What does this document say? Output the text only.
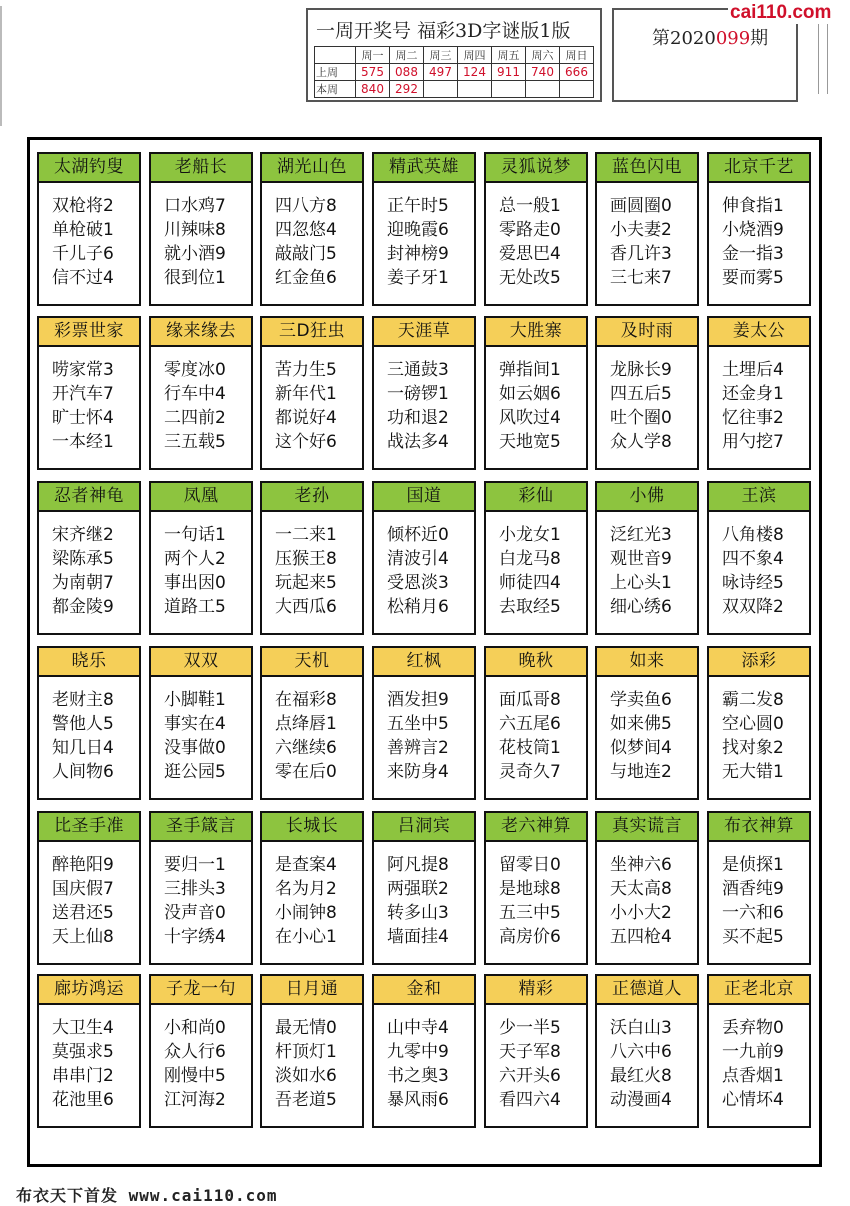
一周开奖号 福彩3D字谜版1版
	周一	周二	周三	周四	周五	周六	周日
上周	575	088	497	124	911	740	666
本周	840	292					
第2020099期
cai110.com
太湖钓叟
双枪将2
单枪破1
千儿子6
信不过4
老船长
口水鸡7
川辣味8
就小酒9
很到位1
湖光山色
四八方8
四忽悠4
敲敲门5
红金鱼6
精武英雄
正午时5
迎晚霞6
封神榜9
姜子牙1
灵狐说梦
总一般1
零路走0
爱思巴4
无处改5
蓝色闪电
画圆圈0
小夫妻2
香几许3
三七来7
北京千艺
伸食指1
小烧酒9
金一指3
要而雾5
彩票世家
唠家常3
开汽车7
旷士怀4
一本经1
缘来缘去
零度冰0
行车中4
二四前2
三五载5
三D狂虫
苦力生5
新年代1
都说好4
这个好6
天涯草
三通鼓3
一磅锣1
功和退2
战法多4
大胜寨
弹指间1
如云姻6
风吹过4
天地宽5
及时雨
龙脉长9
四五后5
吐个圈0
众人学8
姜太公
土埋后4
还金身1
忆往事2
用勺挖7
忍者神龟
宋齐继2
梁陈承5
为南朝7
都金陵9
凤凰
一句话1
两个人2
事出因0
道路工5
老孙
一二来1
压猴王8
玩起来5
大西瓜6
国道
倾杯近0
清波引4
受恩淡3
松稍月6
彩仙
小龙女1
白龙马8
师徒四4
去取经5
小佛
泛红光3
观世音9
上心头1
细心绣6
王滨
八角楼8
四不象4
咏诗经5
双双降2
晓乐
老财主8
警他人5
知几日4
人间物6
双双
小脚鞋1
事实在4
没事做0
逛公园5
天机
在福彩8
点绛唇1
六继续6
零在后0
红枫
酒发担9
五坐中5
善辨言2
来防身4
晚秋
面瓜哥8
六五尾6
花枝筒1
灵奇久7
如来
学卖鱼6
如来佛5
似梦间4
与地连2
添彩
霸二发8
空心圆0
找对象2
无大错1
比圣手准
醉艳阳9
国庆假7
送君还5
天上仙8
圣手箴言
要归一1
三排头3
没声音0
十字绣4
长城长
是查案4
名为月2
小闹钟8
在小心1
吕洞宾
阿凡提8
两强联2
转多山3
墙面挂4
老六神算
留零日0
是地球8
五三中5
高房价6
真实谎言
坐神六6
天太高8
小小大2
五四枪4
布衣神算
是侦探1
酒香纯9
一六和6
买不起5
廊坊鸿运
大卫生4
莫强求5
串串门2
花池里6
子龙一句
小和尚0
众人行6
刚慢中5
江河海2
日月通
最无情0
杆顶灯1
淡如水6
吾老道5
金和
山中寺4
九零中9
书之奥3
暴风雨6
精彩
少一半5
天子军8
六开头6
看四六4
正德道人
沃白山3
八六中6
最红火8
动漫画4
正老北京
丢弃物0
一九前9
点香烟1
心情坏4
布衣天下首发 www.cai110.com
